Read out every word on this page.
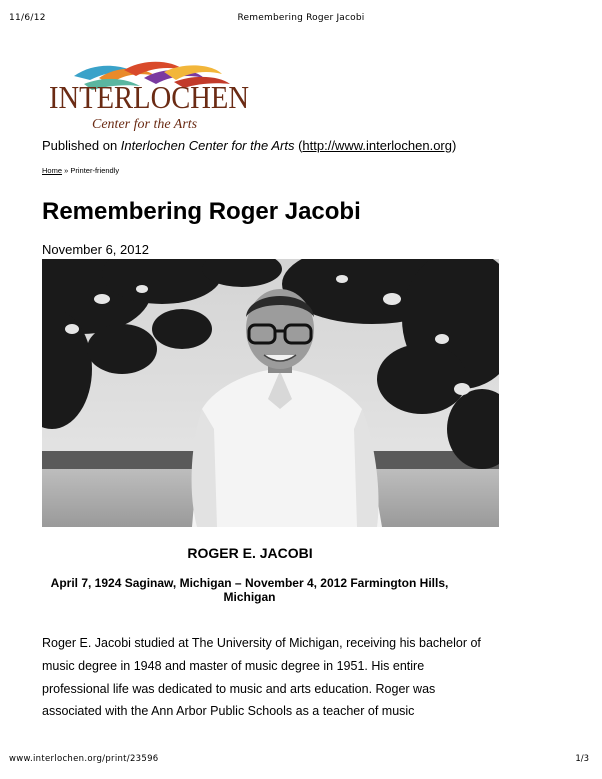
11/6/12	Remembering Roger Jacobi
INTERLOCHEN
Center for the Arts
Published on Interlochen Center for the Arts (http://www.interlochen.org)
Home » Printer-friendly
Remembering Roger Jacobi
November 6, 2012
ROGER E. JACOBI
April 7, 1924 Saginaw, Michigan – November 4, 2012 Farmington Hills, Michigan
Roger E. Jacobi studied at The University of Michigan, receiving his bachelor of music degree in 1948 and master of music degree in 1951. His entire professional life was dedicated to music and arts education. Roger was associated with the Ann Arbor Public Schools as a teacher of music
www.interlochen.org/print/23596	1/3
